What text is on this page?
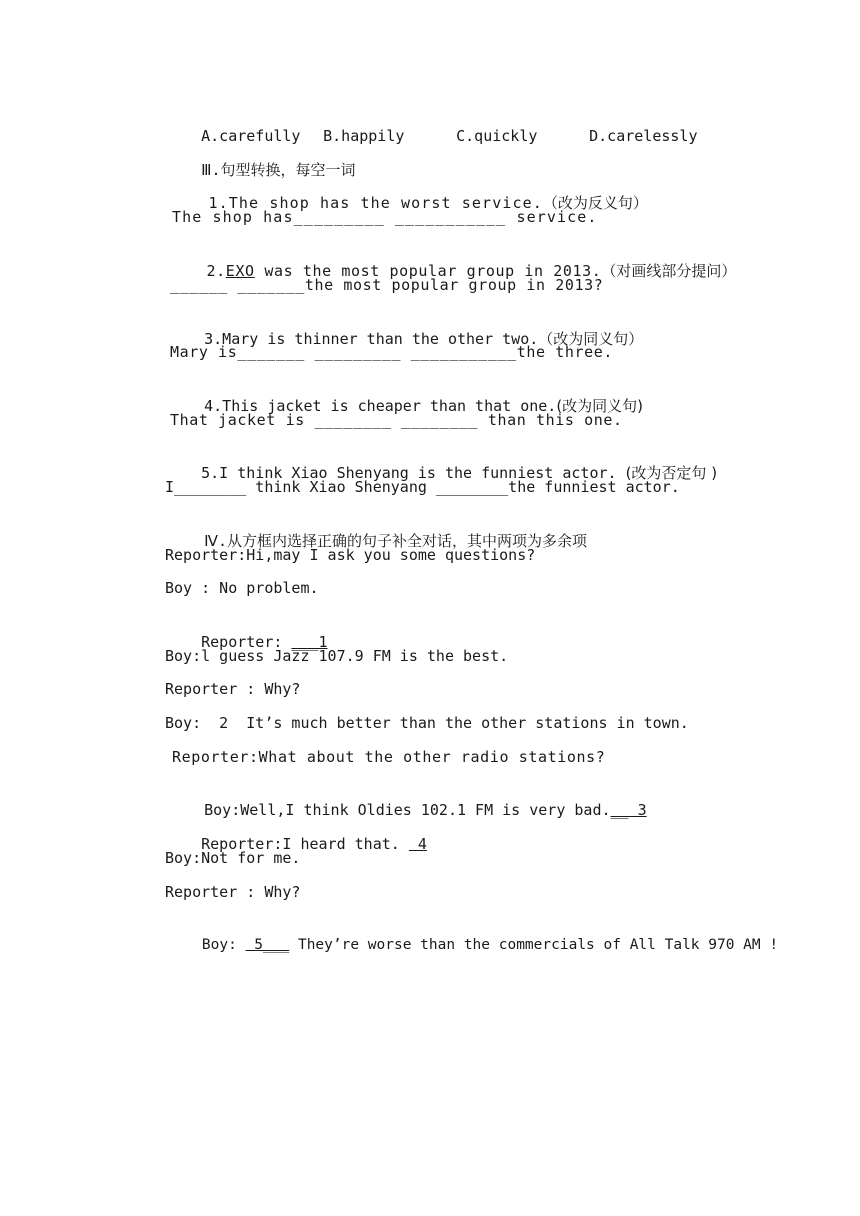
A.carefully B.happily	C.quickly	D.carelessly

Ⅲ.句型转换，每空一词

1.The shop has the worst service.（改为反义句）

The shop has_________ ___________ service.

2.EXO was the most popular group in 2013.（对画线部分提问）

______ _______the most popular group in 2013?

3.Mary is thinner than the other two.（改为同义句）

Mary is_______ _________ ___________the three.

4.This jacket is cheaper than that one.(改为同义句)

That jacket is ________ ________ than this one.

5.I think Xiao Shenyang is the funniest actor. (改为否定句 )

I________ think Xiao Shenyang ________the funniest actor.

Ⅳ.从方框内选择正确的句子补全对话，其中两项为多余项

Reporter:Hi,may I ask you some questions?
Boy : No problem.

Reporter: ___1

Boy:l guess Jazz 107.9 FM is the best.
Reporter : Why?
Boy:  2  It’s much better than the other stations in town.
Reporter:What about the other radio stations?

Boy:Well,I think Oldies 102.1 FM is very bad.__ 3

Reporter:I heard that.  4

Boy:Not for me.
Reporter : Why?

Boy:  5___ They’re worse than the commercials of All Talk 970 AM !
